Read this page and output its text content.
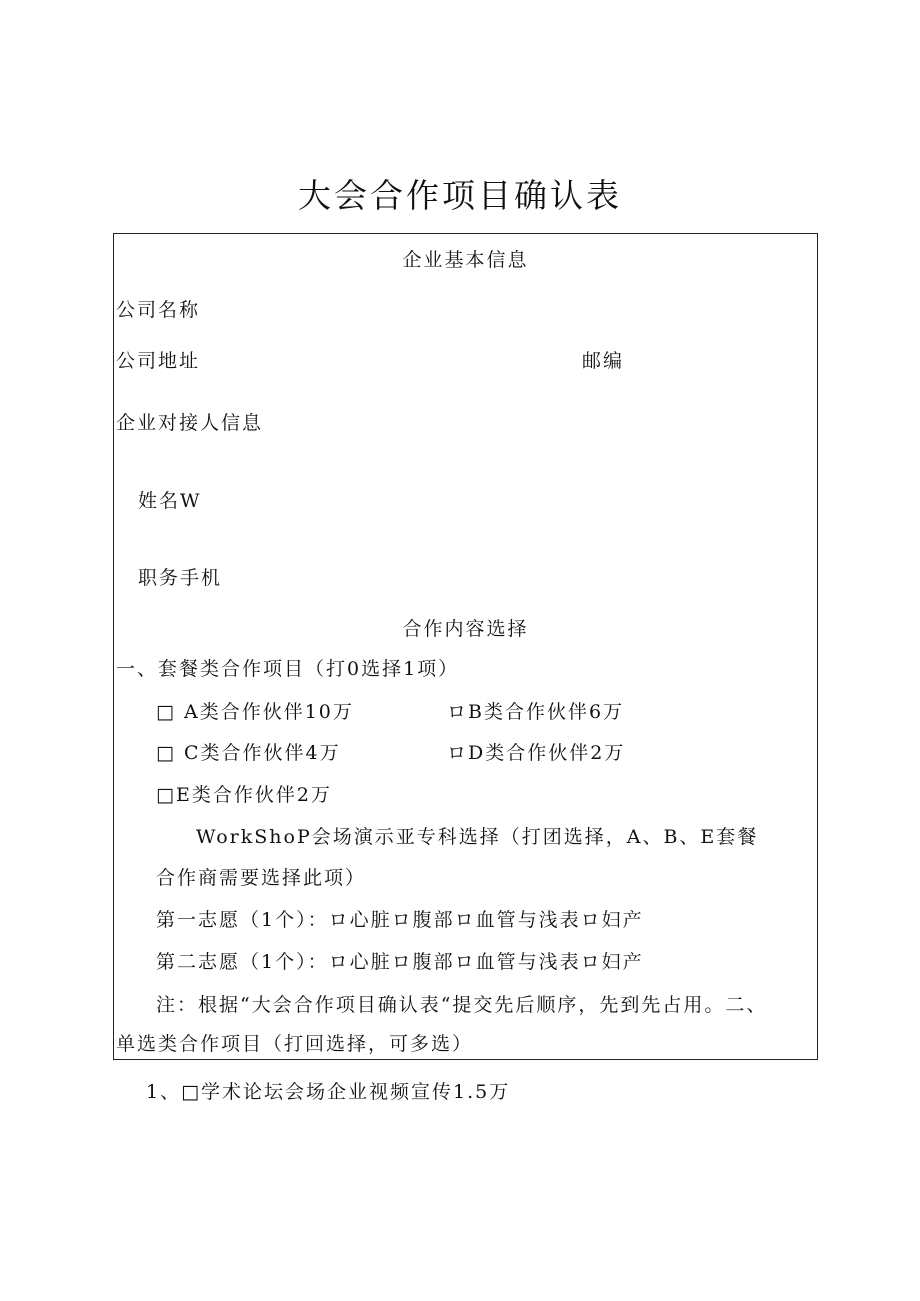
大会合作项目确认表
企业基本信息
公司名称
公司地址	邮编
企业对接人信息
姓名W
职务手机
合作内容选择
一、套餐类合作项目（打0选择1项）
□ A类合作伙伴10万	ロB类合作伙伴6万
□ C类合作伙伴4万	ロD类合作伙伴2万
□E类合作伙伴2万
WorkShoP会场演示亚专科选择（打团选择，A、B、E套餐
合作商需要选择此项）
第一志愿（1个）：ロ心脏ロ腹部ロ血管与浅表ロ妇产
第二志愿（1个）：ロ心脏ロ腹部ロ血管与浅表ロ妇产
注：根据“大会合作项目确认表“提交先后顺序，先到先占用。二、
单选类合作项目（打回选择，可多选）
1、□学术论坛会场企业视频宣传1.5万
